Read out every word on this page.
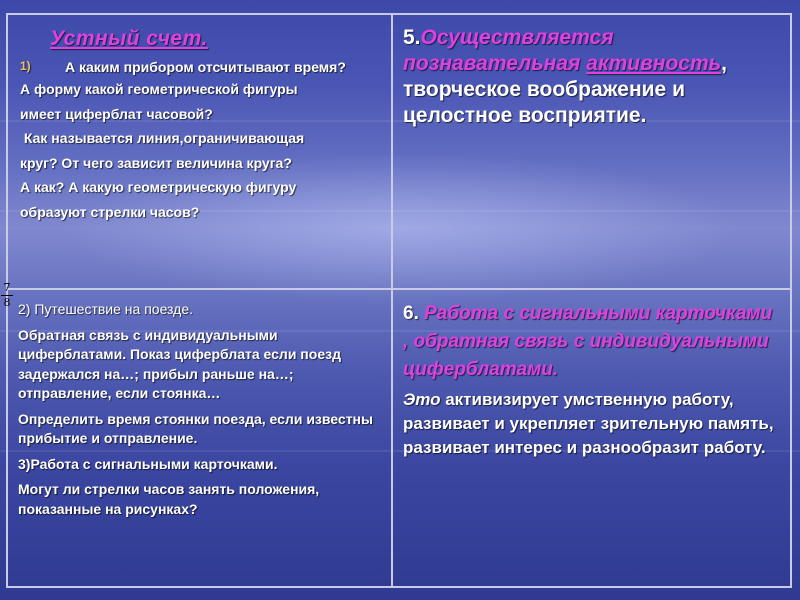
Устный счет.
1)	А каким прибором отсчитывают время?
А форму какой геометрической фигуры
имеет циферблат часовой?
Как называется линия,ограничивающая
круг? От чего зависит величина круга?
А как? А какую геометрическую фигуру
образуют стрелки часов?
5.Осуществляется познавательная активность, творческое воображение и целостное восприятие.
2) Путешествие на поезде.
Обратная связь с индивидуальными циферблатами. Показ циферблата если поезд задержался на…; прибыл раньше на…; отправление, если стоянка…
Определить время стоянки поезда, если известны прибытие и отправление.
3)Работа с сигнальными карточками.
Могут ли стрелки часов занять положения, показанные на рисунках?
6. Работа с сигнальными карточками , обратная связь с индивидуальными циферблатами.
Это активизирует умственную работу, развивает и укрепляет зрительную память, развивает интерес и разнообразит работу.
7
8
